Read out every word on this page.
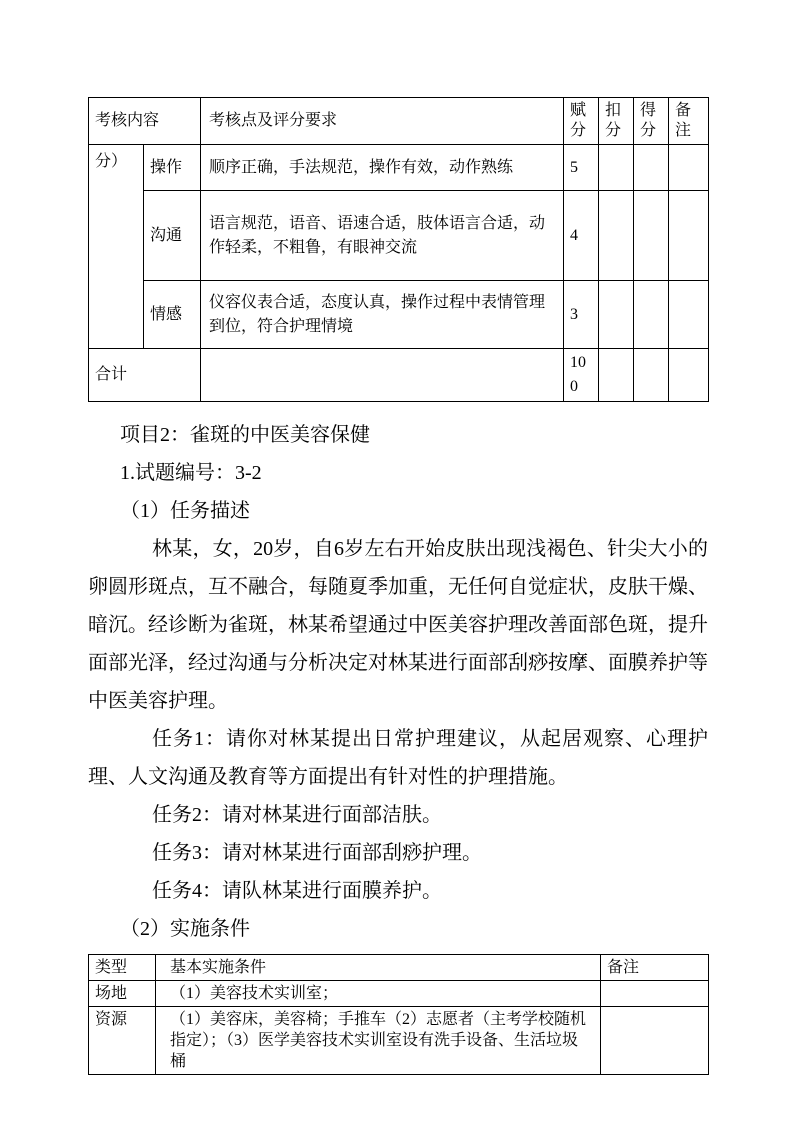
考核内容		考核点及评分要求	赋分	扣分	得分	备注
分）	操作	顺序正确，手法规范，操作有效，动作熟练	5			
	沟通	语言规范，语音、语速合适，肢体语言合适，动作轻柔，不粗鲁，有眼神交流	4			
	情感	仪容仪表合适，态度认真，操作过程中表情管理到位，符合护理情境	3			
合计			100			

项目2：雀斑的中医美容保健

1.试题编号：3-2

（1）任务描述

林某，女，20岁，自6岁左右开始皮肤出现浅褐色、针尖大小的卵圆形斑点，互不融合，每随夏季加重，无任何自觉症状，皮肤干燥、暗沉。经诊断为雀斑，林某希望通过中医美容护理改善面部色斑，提升面部光泽，经过沟通与分析决定对林某进行面部刮痧按摩、面膜养护等中医美容护理。

任务1：请你对林某提出日常护理建议，从起居观察、心理护理、人文沟通及教育等方面提出有针对性的护理措施。

任务2：请对林某进行面部洁肤。

任务3：请对林某进行面部刮痧护理。

任务4：请队林某进行面膜养护。

（2）实施条件

类型	基本实施条件	备注
场地	（1）美容技术实训室；	
资源	（1）美容床，美容椅；手推车（2）志愿者（主考学校随机指定）；（3）医学美容技术实训室设有洗手设备、生活垃圾桶	
